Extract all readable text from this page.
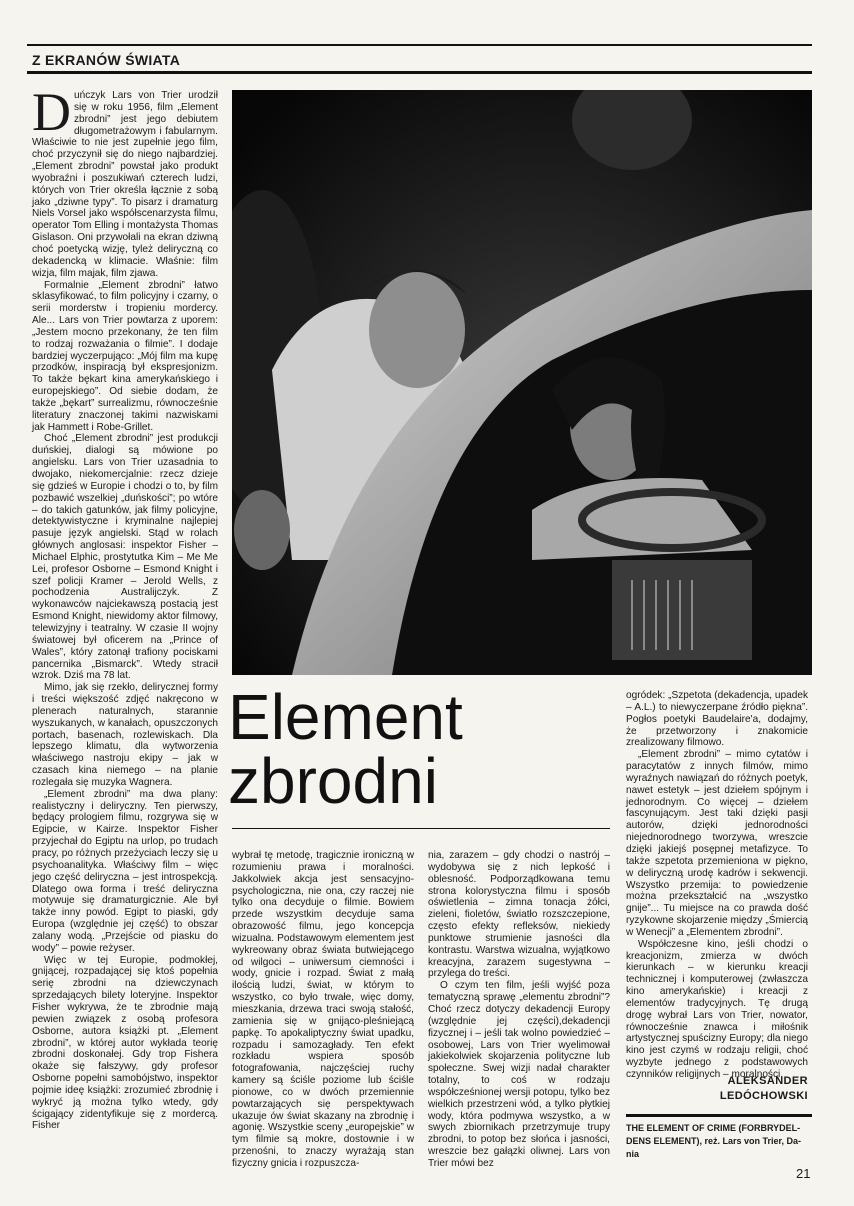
Z EKRANÓW ŚWIATA

Duńczyk Lars von Trier urodził się w roku 1956, film „Element zbrodni” jest jego debiutem długometrażowym i fabularnym. Właściwie to nie jest zupełnie jego film, choć przyczynił się do niego najbardziej. „Element zbrodni” powstał jako produkt wyobraźni i poszukiwań czterech ludzi, których von Trier określa łącznie z sobą jako „dziwne typy”. To pisarz i dramaturg Niels Vorsel jako współscenarzysta filmu, operator Tom Elling i montażysta Thomas Gislason. Oni przywołali na ekran dziwną choć poetycką wizję, tyleż deliryczną co dekadencką w klimacie. Właśnie: film wizja, film majak, film zjawa.

Formalnie „Element zbrodni” łatwo sklasyfikować, to film policyjny i czarny, o serii morderstw i tropieniu mordercy. Ale... Lars von Trier powtarza z uporem: „Jestem mocno przekonany, że ten film to rodzaj rozważania o filmie”. I dodaje bardziej wyczerpująco: „Mój film ma kupę przodków, inspiracją był ekspresjonizm. To także bękart kina amerykańskiego i europejskiego”. Od siebie dodam, że także „bękart” surrealizmu, równocześnie literatury znaczonej takimi nazwiskami jak Hammett i Robe-Grillet.

Choć „Element zbrodni” jest produkcji duńskiej, dialogi są mówione po angielsku. Lars von Trier uzasadnia to dwojako, niekomercjalnie: rzecz dzieje się gdzieś w Europie i chodzi o to, by film pozbawić wszelkiej „duńskości”; po wtóre – do takich gatunków, jak filmy policyjne, detektywistyczne i kryminalne najlepiej pasuje język angielski. Stąd w rolach głównych anglosasi: inspektor Fisher – Michael Elphic, prostytutka Kim – Me Me Lei, profesor Osborne – Esmond Knight i szef policji Kramer – Jerold Wells, z pochodzenia Australijczyk. Z wykonawców najciekawszą postacią jest Esmond Knight, niewidomy aktor filmowy, telewizyjny i teatralny. W czasie II wojny światowej był oficerem na „Prince of Wales”, który zatonął trafiony pociskami pancernika „Bismarck”. Wtedy stracił wzrok. Dziś ma 78 lat.

Mimo, jak się rzekło, delirycznej formy i treści większość zdjęć nakręcono w plenerach naturalnych, starannie wyszukanych, w kanałach, opuszczonych portach, basenach, rozlewiskach. Dla lepszego klimatu, dla wytworzenia właściwego nastroju ekipy – jak w czasach kina niemego – na planie rozlegała się muzyka Wagnera.

„Element zbrodni” ma dwa plany: realistyczny i deliryczny. Ten pierwszy, będący prologiem filmu, rozgrywa się w Egipcie, w Kairze. Inspektor Fisher przyjechał do Egiptu na urlop, po trudach pracy, po różnych przeżyciach leczy się u psychoanalityka. Właściwy film – więc jego część deliryczna – jest introspekcją. Dlatego owa forma i treść deliryczna motywuje się dramaturgicznie. Ale był także inny powód. Egipt to piaski, gdy Europa (względnie jej część) to obszar zalany wodą. „Przejście od piasku do wody” – powie reżyser.

Więc w tej Europie, podmokłej, gnijącej, rozpadającej się ktoś popełnia serię zbrodni na dziewczynach sprzedających bilety loteryjne. Inspektor Fisher wykrywa, że te zbrodnie mają pewien związek z osobą profesora Osborne, autora książki pt. „Element zbrodni”, w której autor wykłada teorię zbrodni doskonałej. Gdy trop Fishera okaże się fałszywy, gdy profesor Osborne popełni samobójstwo, inspektor pojmie ideę książki: zrozumieć zbrodnię i wykryć ją można tylko wtedy, gdy ścigający zidentyfikuje się z mordercą. Fisher

Element
zbrodni

ogródek: „Szpetota (dekadencja, upadek – A.L.) to niewyczerpane źródło piękna”. Pogłos poetyki Baudelaire'a, dodajmy, że przetworzony i znakomicie zrealizowany filmowo.

„Element zbrodni” – mimo cytatów i paracytatów z innych filmów, mimo wyraźnych nawiązań do różnych poetyk, nawet estetyk – jest dziełem spójnym i jednorodnym. Co więcej – dziełem fascynującym. Jest taki dzięki pasji autorów, dzięki jednorodności niejednorodnego tworzywa, wreszcie dzięki jakiejś posępnej metafizyce. To także szpetota przemieniona w piękno, w deliryczną urodę kadrów i sekwencji. Wszystko przemija: to powiedzenie można przekształcić na „wszystko gnije”... Tu miejsce na co prawda dość ryzykowne skojarzenie między „Śmiercią w Wenecji” a „Elementem zbrodni”.

Współczesne kino, jeśli chodzi o kreacjonizm, zmierza w dwóch kierunkach – w kierunku kreacji technicznej i komputerowej (zwłaszcza kino amerykańskie) i kreacji z elementów tradycyjnych. Tę drugą drogę wybrał Lars von Trier, nowator, równocześnie znawca i miłośnik artystycznej spuścizny Europy; dla niego kino jest czymś w rodzaju religii, choć wyzbyte jednego z podstawowych czynników religijnych – moralności.

wybrał tę metodę, tragicznie ironiczną w rozumieniu prawa i moralności. Jakkolwiek akcja jest sensacyjno-psychologiczna, nie ona, czy raczej nie tylko ona decyduje o filmie. Bowiem przede wszystkim decyduje sama obrazowość filmu, jego koncepcja wizualna. Podstawowym elementem jest wykreowany obraz świata butwiejącego od wilgoci – uniwersum ciemności i wody, gnicie i rozpad. Świat z małą ilością ludzi, świat, w którym to wszystko, co było trwałe, więc domy, mieszkania, drzewa traci swoją stałość, zamienia się w gnijąco-pleśniejącą papkę. To apokaliptyczny świat upadku, rozpadu i samozagłady. Ten efekt rozkładu wspiera sposób fotografowania, najczęściej ruchy kamery są ściśle poziome lub ściśle pionowe, co w dwóch przemiennie powtarzających się perspektywach ukazuje ów świat skazany na zbrodnię i agonię. Wszystkie sceny „europejskie” w tym filmie są mokre, dostownie i w przenośni, to znaczy wyrażają stan fizyczny gnicia i rozpuszcza-

nia, zarazem – gdy chodzi o nastrój – wydobywa się z nich lepkość i oblesność. Podporządkowana temu strona kolorystyczna filmu i sposób oświetlenia – zimna tonacja żółci, zieleni, fioletów, światło rozszczepione, często efekty refleksów, niekiedy punktowe strumienie jasności dla kontrastu. Warstwa wizualna, wyjątkowo kreacyjna, zarazem sugestywna – przylega do treści.

O czym ten film, jeśli wyjść poza tematyczną sprawę „elementu zbrodni”? Choć rzecz dotyczy dekadencji Europy (względnie jej części),dekadencji fizycznej i – jeśli tak wolno powiedzieć – osobowej, Lars von Trier wyelimował jakiekolwiek skojarzenia polityczne lub społeczne. Swej wizji nadał charakter totalny, to coś w rodzaju współcześnionej wersji potopu, tylko bez wielkich przestrzeni wód, a tylko płytkiej wody, która podmywa wszystko, a w swych zbiornikach przetrzymuje trupy zbrodni, to potop bez słońca i jasności, wreszcie bez gałązki oliwnej. Lars von Trier mówi bez

ALEKSANDER
LEDÓCHOWSKI
THE ELEMENT OF CRIME (FORBRYDEL-
DENS ELEMENT), reż. Lars von Trier, Da-
nia
21
